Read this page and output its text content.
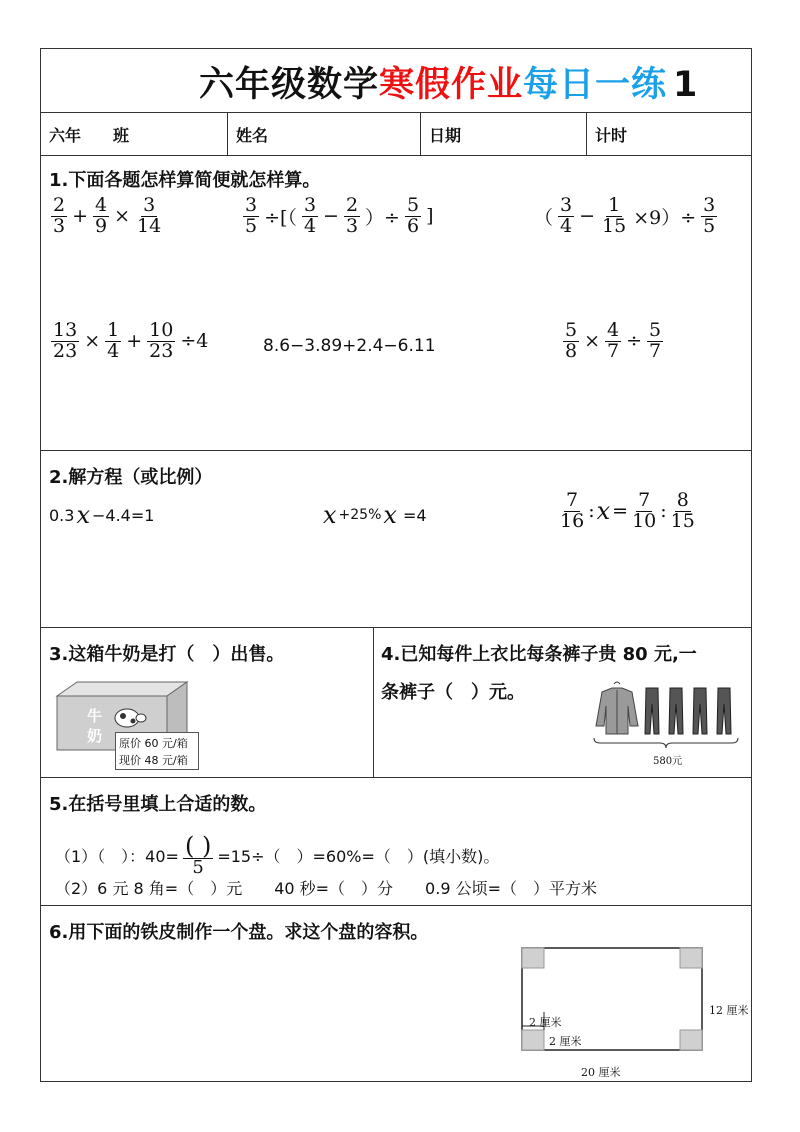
六年级数学寒假作业每日一练 1
六年　　班	姓名	日期	计时
1.下面各题怎样算简便就怎样算。
$\frac{2}{3} + \frac{4}{9} \times \frac{3}{14}$	$\frac{3}{5}$ ÷[（ $\frac{3}{4} - \frac{2}{3}$ ）÷ $\frac{5}{6}$ ]	（ $\frac{3}{4} - \frac{1}{15} \times 9)\div \frac{3}{5}$
$\frac{13}{23} \times \frac{1}{4} + \frac{10}{23} \div 4$	8.6−3.89+2.4−6.11	$\frac{5}{8} \times \frac{4}{7} \div \frac{5}{7}$
2.解方程（或比例）
0.3 x −4.4=1	x +25% x =4	$\frac{7}{16}$ : $x = \frac{7}{10}$ : $\frac{8}{15}$
3.这箱牛奶是打（　）出售。
牛
奶 原价 60 元/箱
现价 48 元/箱
4.已知每件上衣比每条裤子贵 80 元,一
条裤子（　）元。
580元
5.在括号里填上合适的数。
（1）（　）：$40= \frac{( )}{5} =15\div$（　）=60%=（　）(填小数)。
（2）6 元 8 角=（　）元　　40 秒=（　）分　　0.9 公顷=（　）平方米
6.用下面的铁皮制作一个盘。求这个盘的容积。
2 厘米
2 厘米
12 厘米
20 厘米
